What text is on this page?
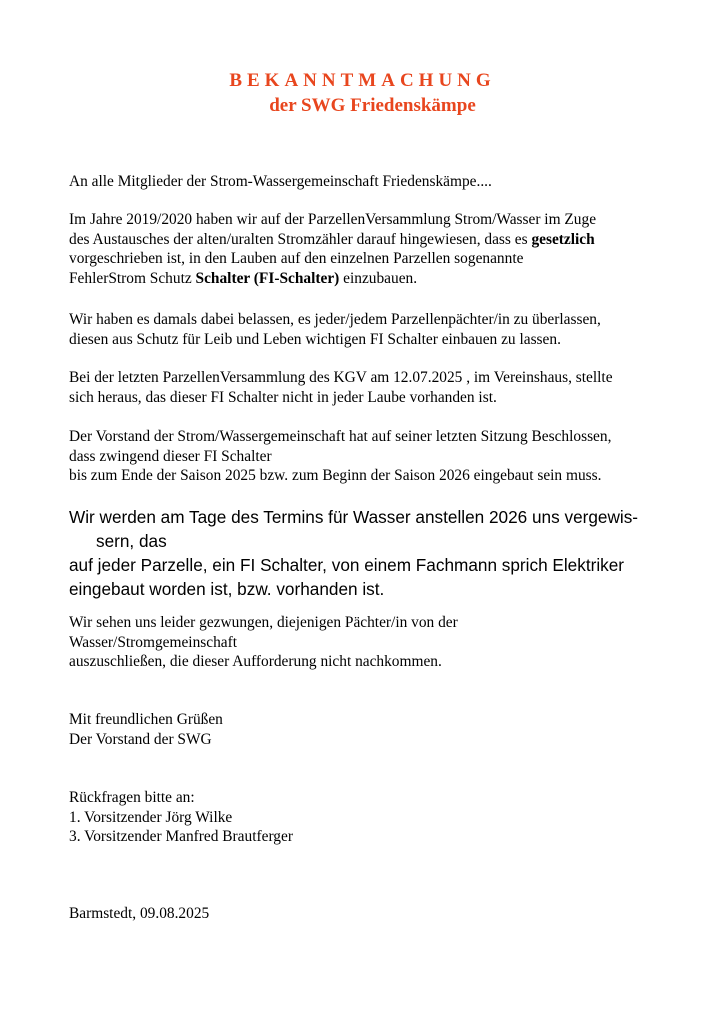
BEKANNTMACHUNG
der SWG Friedenskämpe

An alle Mitglieder der Strom-Wassergemeinschaft Friedenskämpe....

Im Jahre 2019/2020 haben wir auf der ParzellenVersammlung Strom/Wasser im Zuge
des Austausches der alten/uralten Stromzähler darauf hingewiesen, dass es gesetzlich
vorgeschrieben ist, in den Lauben auf den einzelnen Parzellen sogenannte
FehlerStrom Schutz Schalter (FI-Schalter) einzubauen.

Wir haben es damals dabei belassen, es jeder/jedem Parzellenpächter/in zu überlassen,
diesen aus Schutz für Leib und Leben wichtigen FI Schalter einbauen zu lassen.

Bei der letzten ParzellenVersammlung des KGV am 12.07.2025 , im Vereinshaus, stellte
sich heraus, das dieser FI Schalter nicht in jeder Laube vorhanden ist.

Der Vorstand der Strom/Wassergemeinschaft hat auf seiner letzten Sitzung Beschlossen,
dass zwingend dieser FI Schalter
bis zum Ende der Saison 2025 bzw. zum Beginn der Saison 2026 eingebaut sein muss.

Wir werden am Tage des Termins für Wasser anstellen 2026 uns vergewis-
sern, das
auf jeder Parzelle, ein FI Schalter, von einem Fachmann sprich Elektriker
eingebaut worden ist, bzw. vorhanden ist.

Wir sehen uns leider gezwungen, diejenigen Pächter/in von der
Wasser/Stromgemeinschaft
auszuschließen, die dieser Aufforderung nicht nachkommen.

Mit freundlichen Grüßen
Der Vorstand der SWG

Rückfragen bitte an:
1. Vorsitzender Jörg Wilke
3. Vorsitzender Manfred Brautferger

Barmstedt, 09.08.2025
